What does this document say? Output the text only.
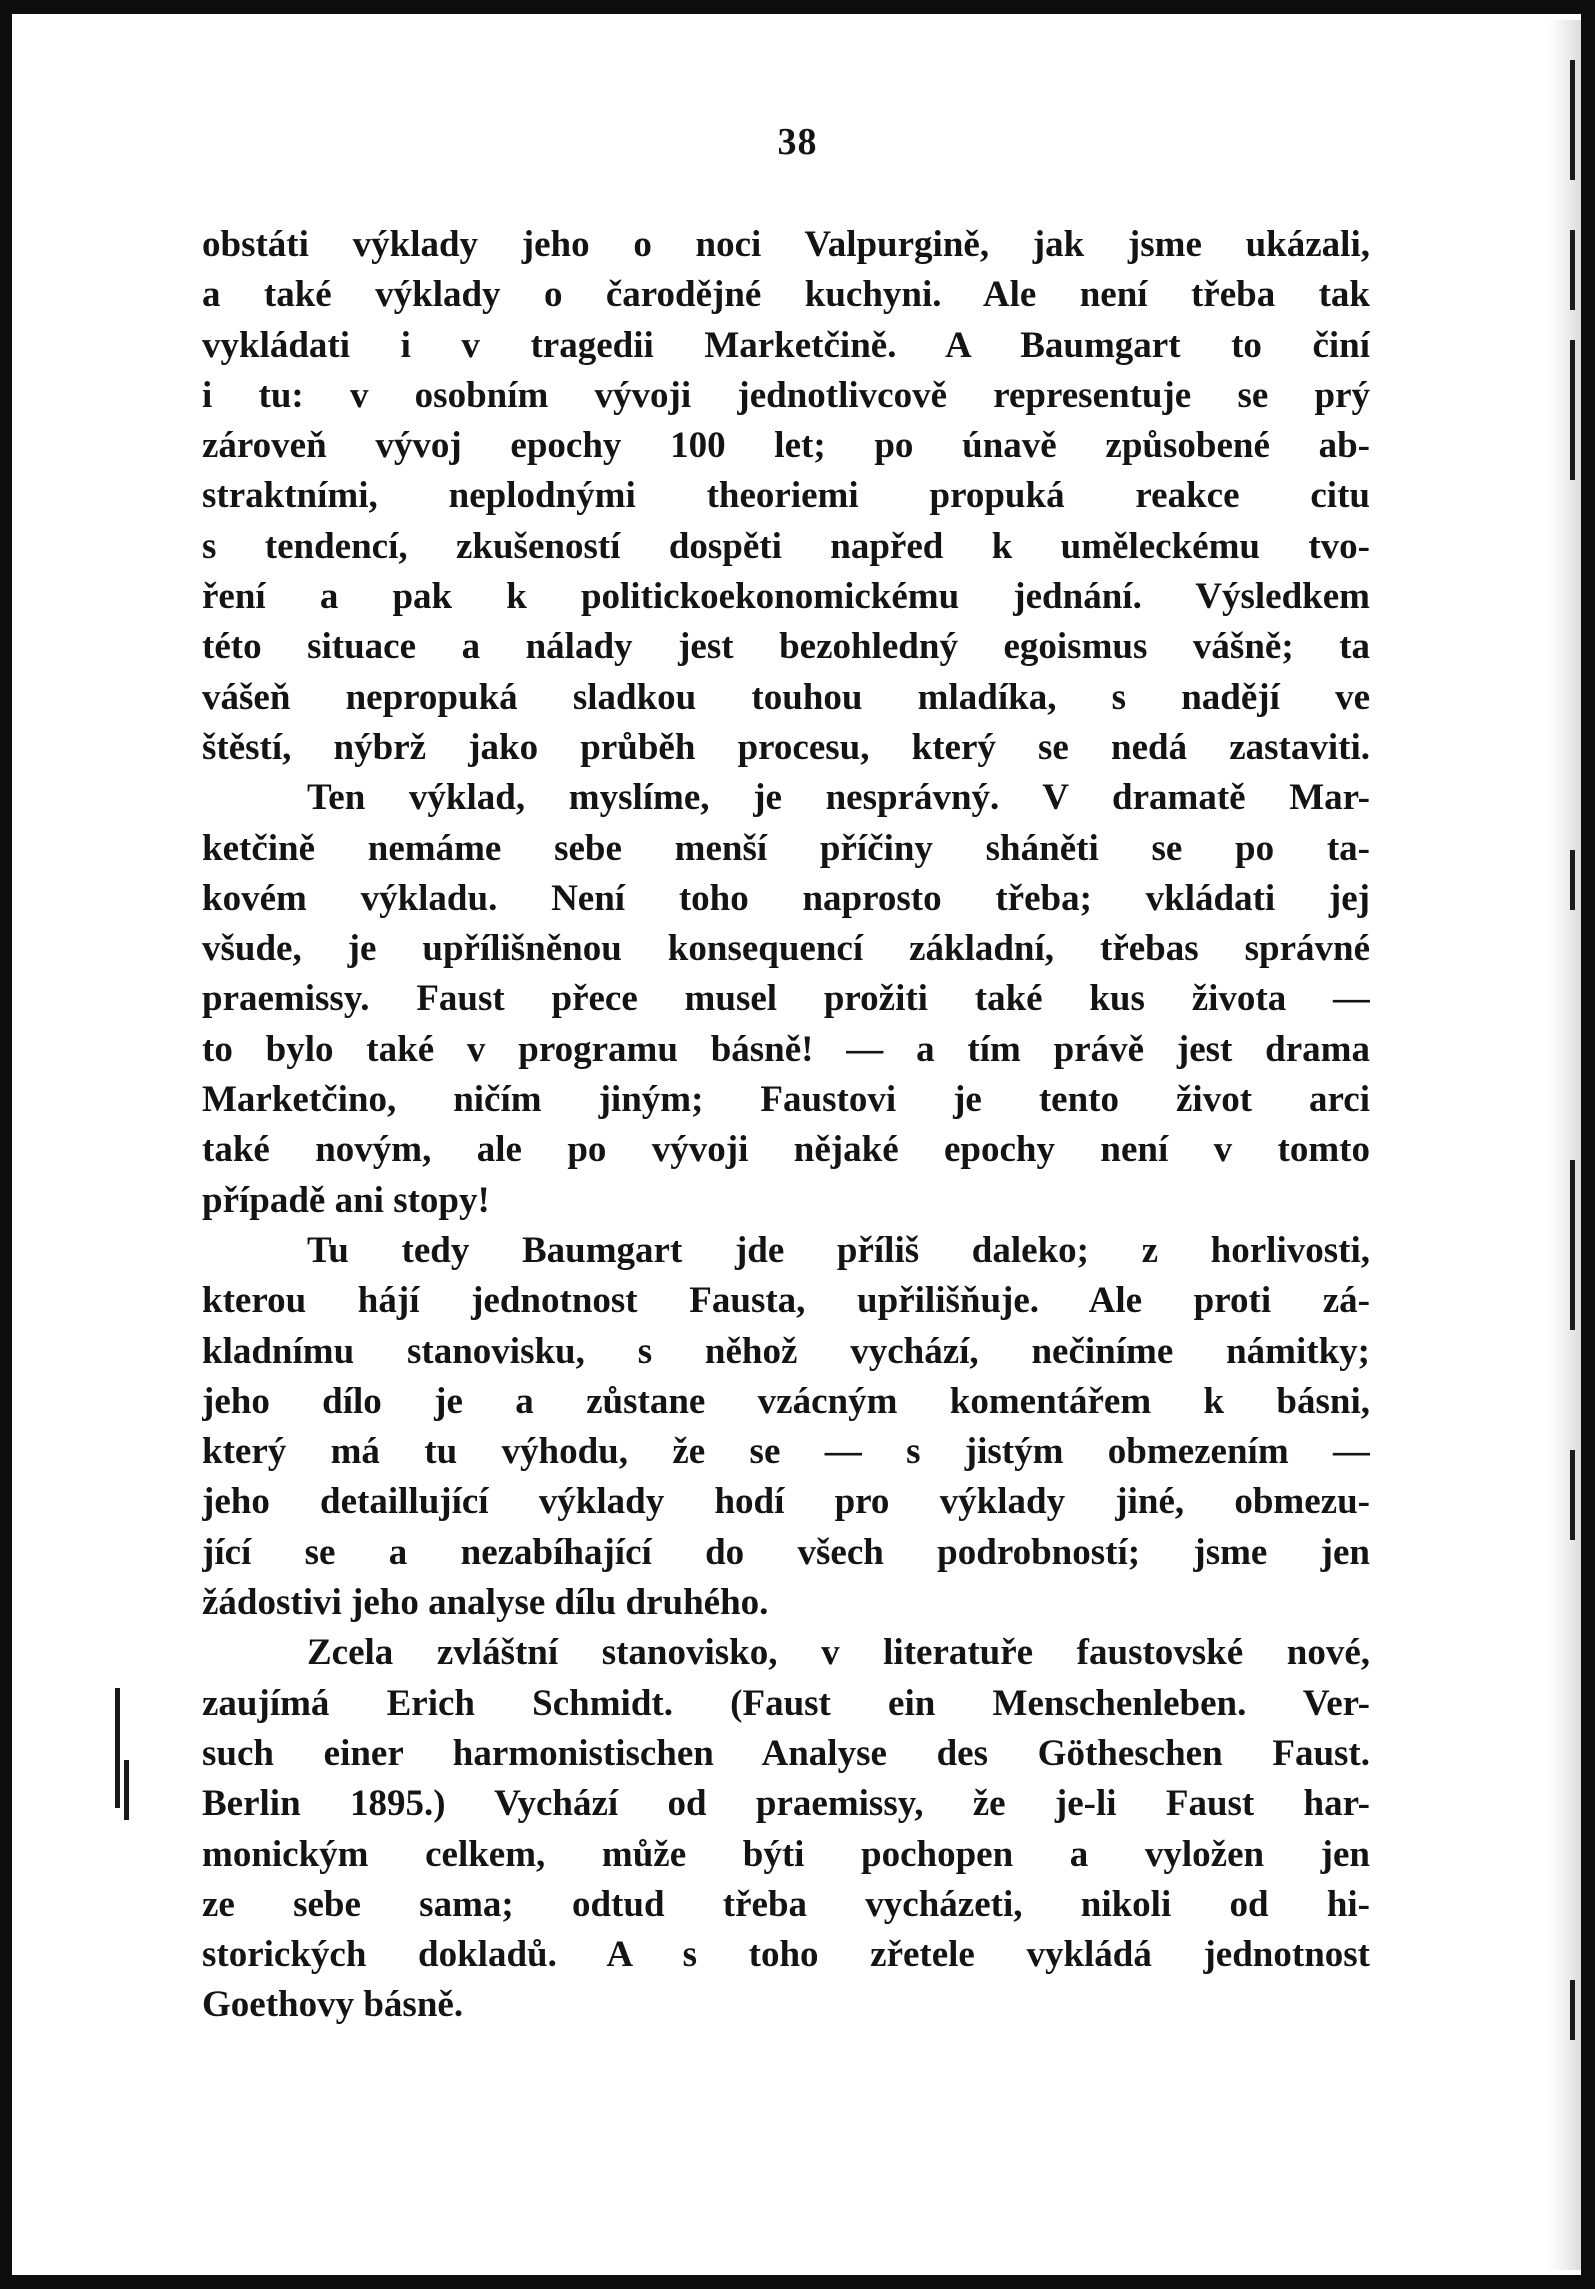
38
obstáti výklady jeho o noci Valpurgině, jak jsme ukázali,
a také výklady o čarodějné kuchyni. Ale není třeba tak
vykládati i v tragedii Marketčině. A Baumgart to činí
i tu: v osobním vývoji jednotlivcově representuje se prý
zároveň vývoj epochy 100 let; po únavě způsobené ab-
straktními, neplodnými theoriemi propuká reakce citu
s tendencí, zkušeností dospěti napřed k uměleckému tvo-
ření a pak k politickoekonomickému jednání. Výsledkem
této situace a nálady jest bezohledný egoismus vášně; ta
vášeň nepropuká sladkou touhou mladíka, s nadějí ve
štěstí, nýbrž jako průběh procesu, který se nedá zastaviti.
Ten výklad, myslíme, je nesprávný. V dramatě Mar-
ketčině nemáme sebe menší příčiny sháněti se po ta-
kovém výkladu. Není toho naprosto třeba; vkládati jej
všude, je upřílišněnou konsequencí základní, třebas správné
praemissy. Faust přece musel prožiti také kus života —
to bylo také v programu básně! — a tím právě jest drama
Marketčino, ničím jiným; Faustovi je tento život arci
také novým, ale po vývoji nějaké epochy není v tomto
případě ani stopy!
Tu tedy Baumgart jde příliš daleko; z horlivosti,
kterou hájí jednotnost Fausta, upřilišňuje. Ale proti zá-
kladnímu stanovisku, s něhož vychází, nečiníme námitky;
jeho dílo je a zůstane vzácným komentářem k básni,
který má tu výhodu, že se — s jistým obmezením —
jeho detaillující výklady hodí pro výklady jiné, obmezu-
jící se a nezabíhající do všech podrobností; jsme jen
žádostivi jeho analyse dílu druhého.
Zcela zvláštní stanovisko, v literatuře faustovské nové,
zaujímá Erich Schmidt. (Faust ein Menschenleben. Ver-
such einer harmonistischen Analyse des Götheschen Faust.
Berlin 1895.) Vychází od praemissy, že je-li Faust har-
monickým celkem, může býti pochopen a vyložen jen
ze sebe sama; odtud třeba vycházeti, nikoli od hi-
storických dokladů. A s toho zřetele vykládá jednotnost
Goethovy básně.
